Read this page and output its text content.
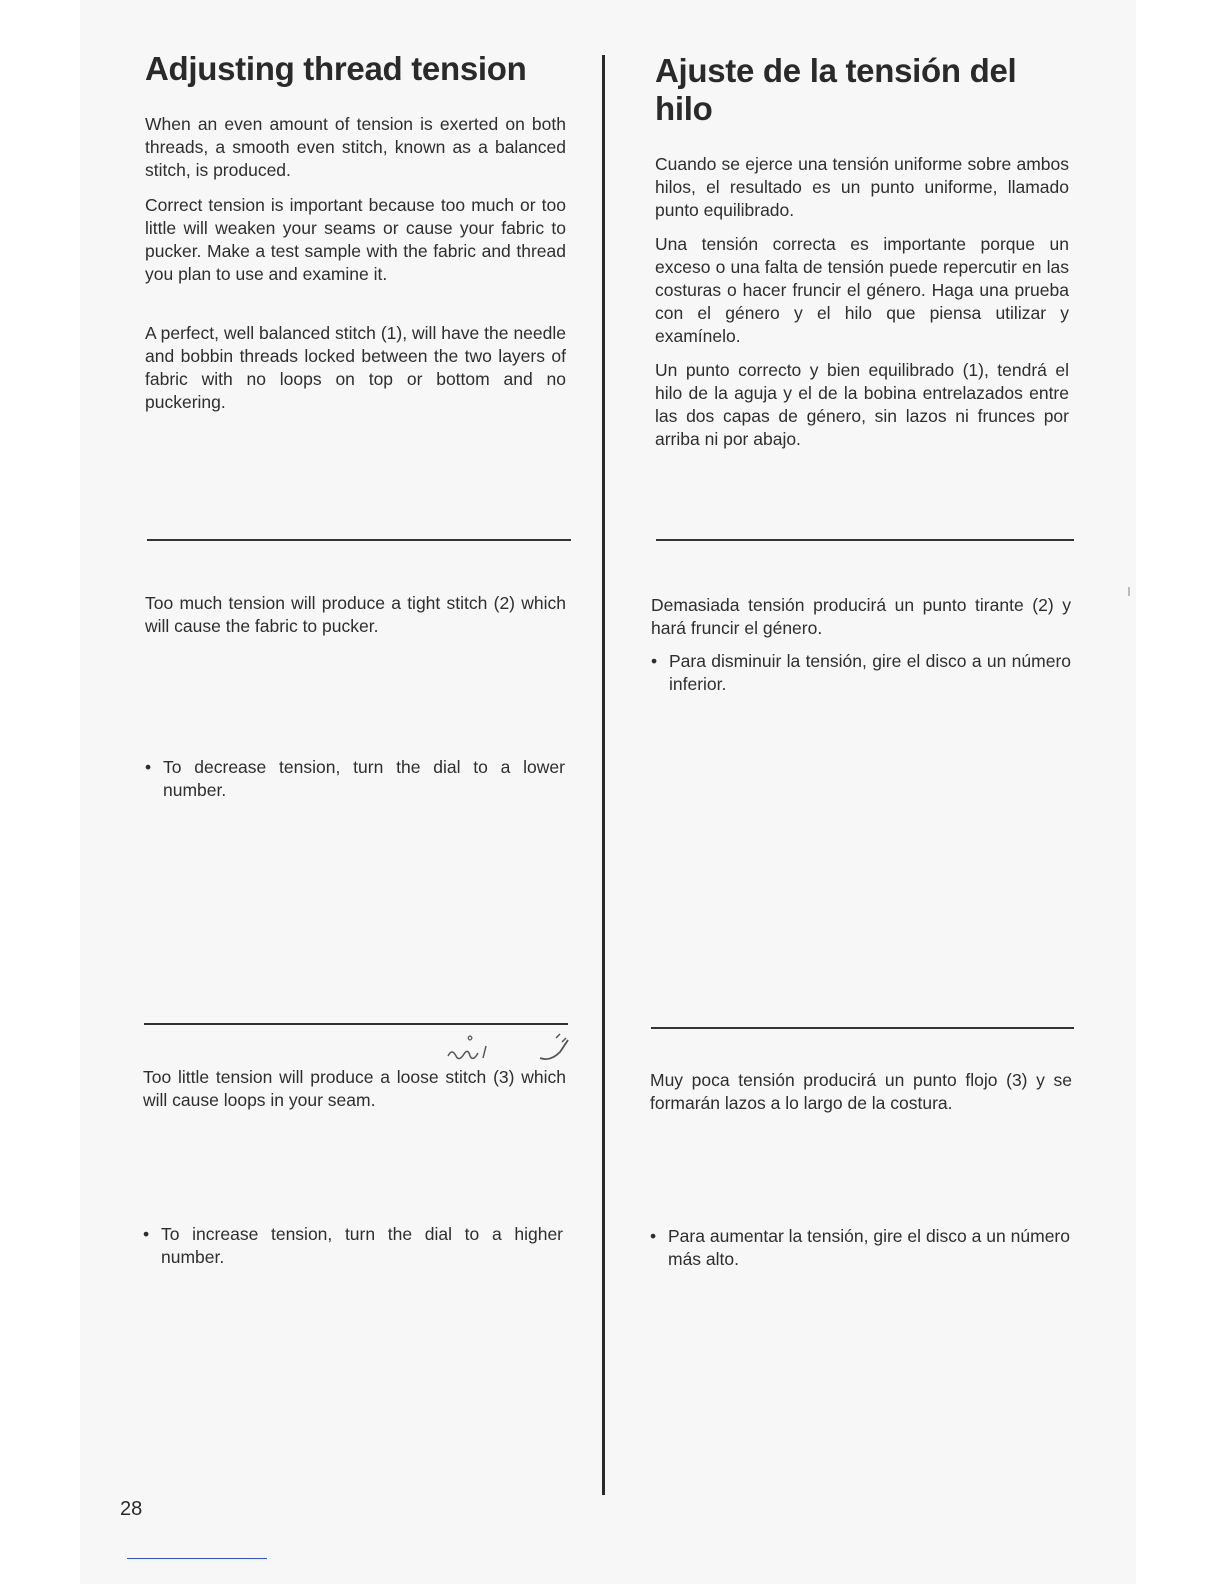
Adjusting thread tension

When an even amount of tension is exerted on both threads, a smooth even stitch, known as a balanced stitch, is produced.

Correct tension is important because too much or too little will weaken your seams or cause your fabric to pucker. Make a test sample with the fabric and thread you plan to use and examine it.

A perfect, well balanced stitch (1), will have the needle and bobbin threads locked between the two layers of fabric with no loops on top or bottom and no puckering.

Too much tension will produce a tight stitch (2) which will cause the fabric to pucker.

• To decrease tension, turn the dial to a lower number.

Too little tension will produce a loose stitch (3) which will cause loops in your seam.

• To increase tension, turn the dial to a higher number.

Ajuste de la tensión del hilo

Cuando se ejerce una tensión uniforme sobre ambos hilos, el resultado es un punto uniforme, llamado punto equilibrado.

Una tensión correcta es importante porque un exceso o una falta de tensión puede repercutir en las costuras o hacer fruncir el género. Haga una prueba con el género y el hilo que piensa utilizar y examínelo.

Un punto correcto y bien equilibrado (1), tendrá el hilo de la aguja y el de la bobina entrelazados entre las dos capas de género, sin lazos ni frunces por arriba ni por abajo.

Demasiada tensión producirá un punto tirante (2) y hará fruncir el género.

• Para disminuir la tensión, gire el disco a un número inferior.

Muy poca tensión producirá un punto flojo (3) y se formarán lazos a lo largo de la costura.

• Para aumentar la tensión, gire el disco a un número más alto.

28
